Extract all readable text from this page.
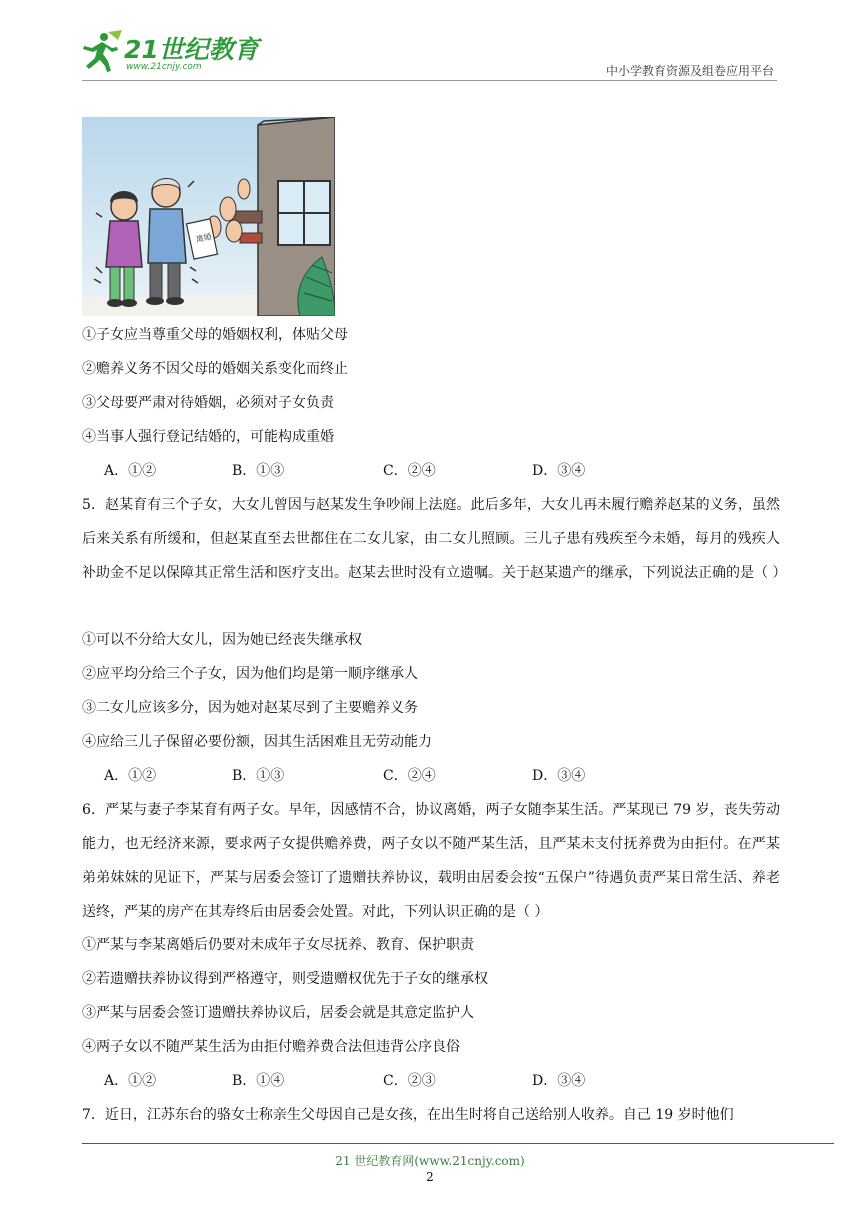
21世纪教育
www.21cnjy.com	中小学教育资源及组卷应用平台
离婚
①子女应当尊重父母的婚姻权利，体贴父母
②赡养义务不因父母的婚姻关系变化而终止
③父母要严肃对待婚姻，必须对子女负责
④当事人强行登记结婚的，可能构成重婚
A．①②	B．①③	C．②④	D．③④
5．赵某育有三个子女，大女儿曾因与赵某发生争吵闹上法庭。此后多年，大女儿再未履行赡养赵某的义务，虽然后来关系有所缓和，但赵某直至去世都住在二女儿家，由二女儿照顾。三儿子患有残疾至今未婚，每月的残疾人补助金不足以保障其正常生活和医疗支出。赵某去世时没有立遗嘱。关于赵某遗产的继承，下列说法正确的是（ ）
①可以不分给大女儿，因为她已经丧失继承权
②应平均分给三个子女，因为他们均是第一顺序继承人
③二女儿应该多分，因为她对赵某尽到了主要赡养义务
④应给三儿子保留必要份额，因其生活困难且无劳动能力
A．①②	B．①③	C．②④	D．③④
6．严某与妻子李某育有两子女。早年，因感情不合，协议离婚，两子女随李某生活。严某现已 79 岁，丧失劳动能力，也无经济来源，要求两子女提供赡养费，两子女以不随严某生活，且严某未支付抚养费为由拒付。在严某弟弟妹妹的见证下，严某与居委会签订了遗赠扶养协议，载明由居委会按“五保户”待遇负责严某日常生活、养老送终，严某的房产在其寿终后由居委会处置。对此，下列认识正确的是（ ）
①严某与李某离婚后仍要对未成年子女尽抚养、教育、保护职责
②若遗赠扶养协议得到严格遵守，则受遗赠权优先于子女的继承权
③严某与居委会签订遗赠扶养协议后，居委会就是其意定监护人
④两子女以不随严某生活为由拒付赡养费合法但违背公序良俗
A．①②	B．①④	C．②③	D．③④
7．近日，江苏东台的骆女士称亲生父母因自己是女孩，在出生时将自己送给别人收养。自己 19 岁时他们
21 世纪教育网(www.21cnjy.com)
2
